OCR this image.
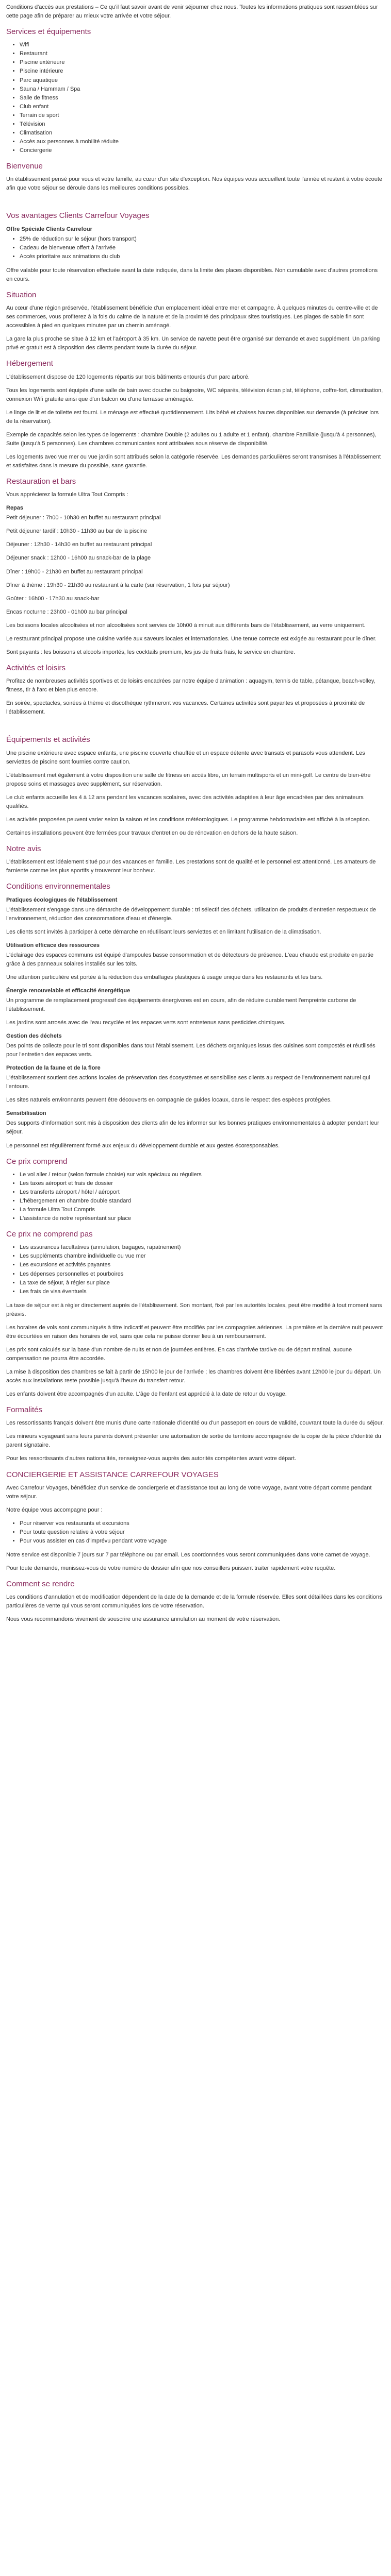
Conditions d'accès aux prestations – Ce qu'il faut savoir avant de venir séjourner chez nous. Toutes les informations pratiques sont rassemblées sur cette page afin de préparer au mieux votre arrivée et votre séjour.

Services et équipements
• Wifi
• Restaurant
• Piscine extérieure
• Piscine intérieure
• Parc aquatique
• Sauna / Hammam / Spa
• Salle de fitness
• Club enfant
• Terrain de sport
• Télévision
• Climatisation
• Accès aux personnes à mobilité réduite
• Conciergerie
Bienvenue

Un établissement pensé pour vous et votre famille, au cœur d'un site d'exception. Nos équipes vous accueillent toute l'année et restent à votre écoute afin que votre séjour se déroule dans les meilleures conditions possibles.

Vos avantages Clients Carrefour Voyages
Offre Spéciale Clients Carrefour
• 25% de réduction sur le séjour (hors transport)
• Cadeau de bienvenue offert à l'arrivée
• Accès prioritaire aux animations du club

Offre valable pour toute réservation effectuée avant la date indiquée, dans la limite des places disponibles. Non cumulable avec d'autres promotions en cours.

Situation

Au cœur d'une région préservée, l'établissement bénéficie d'un emplacement idéal entre mer et campagne. À quelques minutes du centre-ville et de ses commerces, vous profiterez à la fois du calme de la nature et de la proximité des principaux sites touristiques. Les plages de sable fin sont accessibles à pied en quelques minutes par un chemin aménagé.

La gare la plus proche se situe à 12 km et l'aéroport à 35 km. Un service de navette peut être organisé sur demande et avec supplément. Un parking privé et gratuit est à disposition des clients pendant toute la durée du séjour.

Hébergement

L'établissement dispose de 120 logements répartis sur trois bâtiments entourés d'un parc arboré.

Tous les logements sont équipés d'une salle de bain avec douche ou baignoire, WC séparés, télévision écran plat, téléphone, coffre-fort, climatisation, connexion Wifi gratuite ainsi que d'un balcon ou d'une terrasse aménagée.

Le linge de lit et de toilette est fourni. Le ménage est effectué quotidiennement. Lits bébé et chaises hautes disponibles sur demande (à préciser lors de la réservation).

Exemple de capacités selon les types de logements : chambre Double (2 adultes ou 1 adulte et 1 enfant), chambre Familiale (jusqu'à 4 personnes), Suite (jusqu'à 5 personnes). Les chambres communicantes sont attribuées sous réserve de disponibilité.

Les logements avec vue mer ou vue jardin sont attribués selon la catégorie réservée. Les demandes particulières seront transmises à l'établissement et satisfaites dans la mesure du possible, sans garantie.

Restauration et bars

Vous apprécierez la formule Ultra Tout Compris :

Repas

Petit déjeuner : 7h00 - 10h30 en buffet au restaurant principal

Petit déjeuner tardif : 10h30 - 11h30 au bar de la piscine

Déjeuner : 12h30 - 14h30 en buffet au restaurant principal

Déjeuner snack : 12h00 - 16h00 au snack-bar de la plage

Dîner : 19h00 - 21h30 en buffet au restaurant principal

Dîner à thème : 19h30 - 21h30 au restaurant à la carte (sur réservation, 1 fois par séjour)

Goûter : 16h00 - 17h30 au snack-bar

Encas nocturne : 23h00 - 01h00 au bar principal

Les boissons locales alcoolisées et non alcoolisées sont servies de 10h00 à minuit aux différents bars de l'établissement, au verre uniquement.

Le restaurant principal propose une cuisine variée aux saveurs locales et internationales. Une tenue correcte est exigée au restaurant pour le dîner.

Sont payants : les boissons et alcools importés, les cocktails premium, les jus de fruits frais, le service en chambre.

Activités et loisirs

Profitez de nombreuses activités sportives et de loisirs encadrées par notre équipe d'animation : aquagym, tennis de table, pétanque, beach-volley, fitness, tir à l'arc et bien plus encore.

En soirée, spectacles, soirées à thème et discothèque rythmeront vos vacances. Certaines activités sont payantes et proposées à proximité de l'établissement.

Équipements et activités

Une piscine extérieure avec espace enfants, une piscine couverte chauffée et un espace détente avec transats et parasols vous attendent. Les serviettes de piscine sont fournies contre caution.

L'établissement met également à votre disposition une salle de fitness en accès libre, un terrain multisports et un mini-golf. Le centre de bien-être propose soins et massages avec supplément, sur réservation.

Le club enfants accueille les 4 à 12 ans pendant les vacances scolaires, avec des activités adaptées à leur âge encadrées par des animateurs qualifiés.

Les activités proposées peuvent varier selon la saison et les conditions météorologiques. Le programme hebdomadaire est affiché à la réception.

Certaines installations peuvent être fermées pour travaux d'entretien ou de rénovation en dehors de la haute saison.

Notre avis

L'établissement est idéalement situé pour des vacances en famille. Les prestations sont de qualité et le personnel est attentionné. Les amateurs de farniente comme les plus sportifs y trouveront leur bonheur.

Conditions environnementales
Pratiques écologiques de l'établissement

L'établissement s'engage dans une démarche de développement durable : tri sélectif des déchets, utilisation de produits d'entretien respectueux de l'environnement, réduction des consommations d'eau et d'énergie.

Les clients sont invités à participer à cette démarche en réutilisant leurs serviettes et en limitant l'utilisation de la climatisation.

Utilisation efficace des ressources

L'éclairage des espaces communs est équipé d'ampoules basse consommation et de détecteurs de présence. L'eau chaude est produite en partie grâce à des panneaux solaires installés sur les toits.

Une attention particulière est portée à la réduction des emballages plastiques à usage unique dans les restaurants et les bars.

Énergie renouvelable et efficacité énergétique

Un programme de remplacement progressif des équipements énergivores est en cours, afin de réduire durablement l'empreinte carbone de l'établissement.

Les jardins sont arrosés avec de l'eau recyclée et les espaces verts sont entretenus sans pesticides chimiques.

Gestion des déchets

Des points de collecte pour le tri sont disponibles dans tout l'établissement. Les déchets organiques issus des cuisines sont compostés et réutilisés pour l'entretien des espaces verts.

Protection de la faune et de la flore

L'établissement soutient des actions locales de préservation des écosystèmes et sensibilise ses clients au respect de l'environnement naturel qui l'entoure.

Les sites naturels environnants peuvent être découverts en compagnie de guides locaux, dans le respect des espèces protégées.

Sensibilisation

Des supports d'information sont mis à disposition des clients afin de les informer sur les bonnes pratiques environnementales à adopter pendant leur séjour.

Le personnel est régulièrement formé aux enjeux du développement durable et aux gestes écoresponsables.

Ce prix comprend
• Le vol aller / retour (selon formule choisie) sur vols spéciaux ou réguliers
• Les taxes aéroport et frais de dossier
• Les transferts aéroport / hôtel / aéroport
• L'hébergement en chambre double standard
• La formule Ultra Tout Compris
• L'assistance de notre représentant sur place
Ce prix ne comprend pas
• Les assurances facultatives (annulation, bagages, rapatriement)
• Les suppléments chambre individuelle ou vue mer
• Les excursions et activités payantes
• Les dépenses personnelles et pourboires
• La taxe de séjour, à régler sur place
• Les frais de visa éventuels

La taxe de séjour est à régler directement auprès de l'établissement. Son montant, fixé par les autorités locales, peut être modifié à tout moment sans préavis.

Les horaires de vols sont communiqués à titre indicatif et peuvent être modifiés par les compagnies aériennes. La première et la dernière nuit peuvent être écourtées en raison des horaires de vol, sans que cela ne puisse donner lieu à un remboursement.

Les prix sont calculés sur la base d'un nombre de nuits et non de journées entières. En cas d'arrivée tardive ou de départ matinal, aucune compensation ne pourra être accordée.

La mise à disposition des chambres se fait à partir de 15h00 le jour de l'arrivée ; les chambres doivent être libérées avant 12h00 le jour du départ. Un accès aux installations reste possible jusqu'à l'heure du transfert retour.

Les enfants doivent être accompagnés d'un adulte. L'âge de l'enfant est apprécié à la date de retour du voyage.

Formalités

Les ressortissants français doivent être munis d'une carte nationale d'identité ou d'un passeport en cours de validité, couvrant toute la durée du séjour.

Les mineurs voyageant sans leurs parents doivent présenter une autorisation de sortie de territoire accompagnée de la copie de la pièce d'identité du parent signataire.

Pour les ressortissants d'autres nationalités, renseignez-vous auprès des autorités compétentes avant votre départ.

CONCIERGERIE ET ASSISTANCE CARREFOUR VOYAGES

Avec Carrefour Voyages, bénéficiez d'un service de conciergerie et d'assistance tout au long de votre voyage, avant votre départ comme pendant votre séjour.

Notre équipe vous accompagne pour :

• Pour réserver vos restaurants et excursions
• Pour toute question relative à votre séjour
• Pour vous assister en cas d'imprévu pendant votre voyage

Notre service est disponible 7 jours sur 7 par téléphone ou par email. Les coordonnées vous seront communiquées dans votre carnet de voyage.

Pour toute demande, munissez-vous de votre numéro de dossier afin que nos conseillers puissent traiter rapidement votre requête.

Comment se rendre

Les conditions d'annulation et de modification dépendent de la date de la demande et de la formule réservée. Elles sont détaillées dans les conditions particulières de vente qui vous seront communiquées lors de votre réservation.

Nous vous recommandons vivement de souscrire une assurance annulation au moment de votre réservation.
